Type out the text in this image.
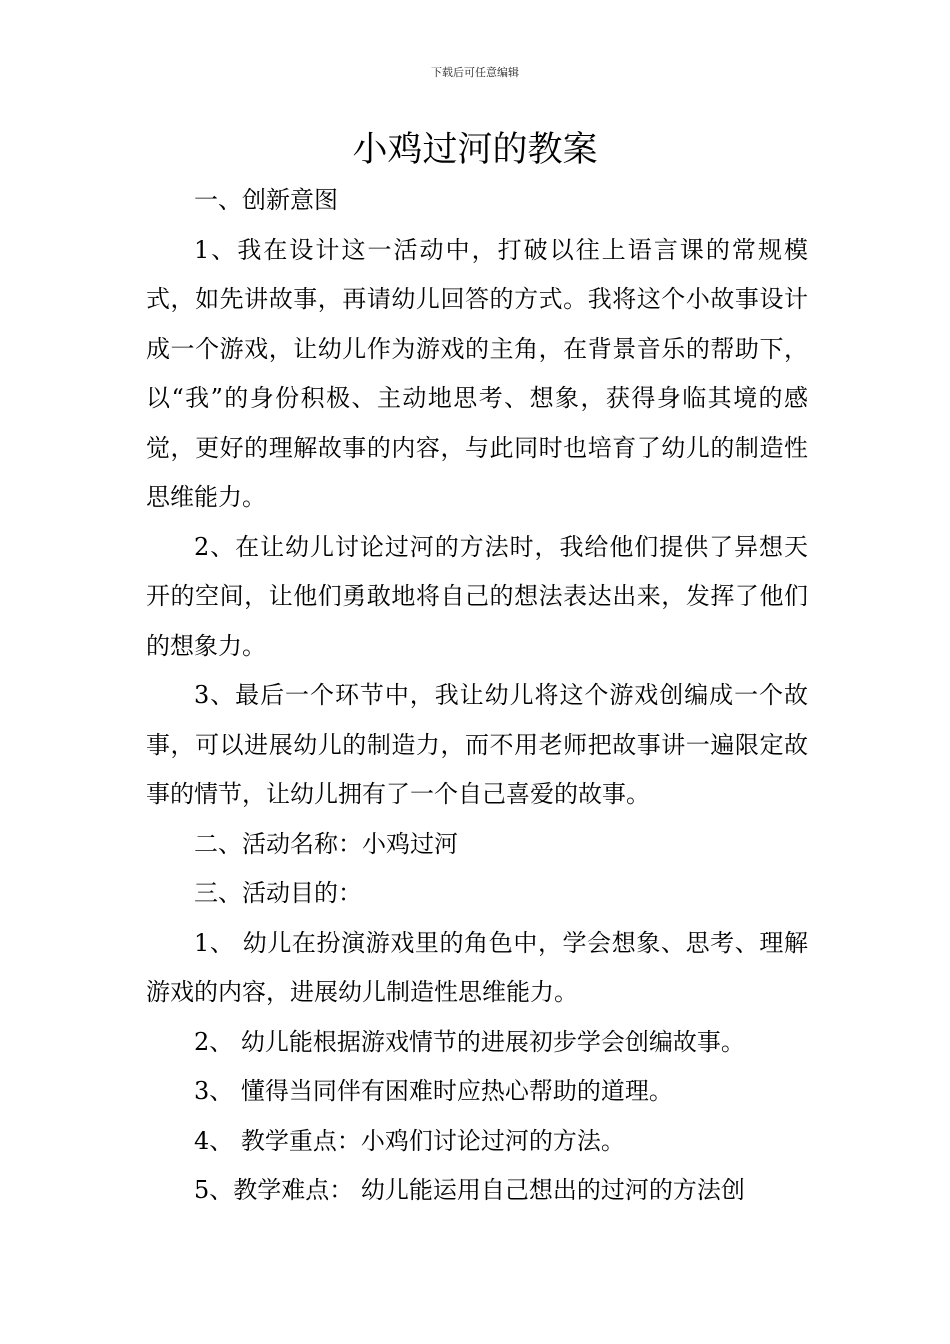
下载后可任意编辑
小鸡过河的教案

一、创新意图

1、我在设计这一活动中，打破以往上语言课的常规模式，如先讲故事，再请幼儿回答的方式。我将这个小故事设计成一个游戏，让幼儿作为游戏的主角，在背景音乐的帮助下，以“我”的身份积极、主动地思考、想象，获得身临其境的感觉，更好的理解故事的内容，与此同时也培育了幼儿的制造性思维能力。

2、在让幼儿讨论过河的方法时，我给他们提供了异想天开的空间，让他们勇敢地将自己的想法表达出来，发挥了他们的想象力。

3、最后一个环节中，我让幼儿将这个游戏创编成一个故事，可以进展幼儿的制造力，而不用老师把故事讲一遍限定故事的情节，让幼儿拥有了一个自己喜爱的故事。

二、活动名称：小鸡过河

三、活动目的：

1、 幼儿在扮演游戏里的角色中，学会想象、思考、理解游戏的内容，进展幼儿制造性思维能力。

2、 幼儿能根据游戏情节的进展初步学会创编故事。

3、 懂得当同伴有困难时应热心帮助的道理。

4、 教学重点：小鸡们讨论过河的方法。

5、教学难点： 幼儿能运用自己想出的过河的方法创
